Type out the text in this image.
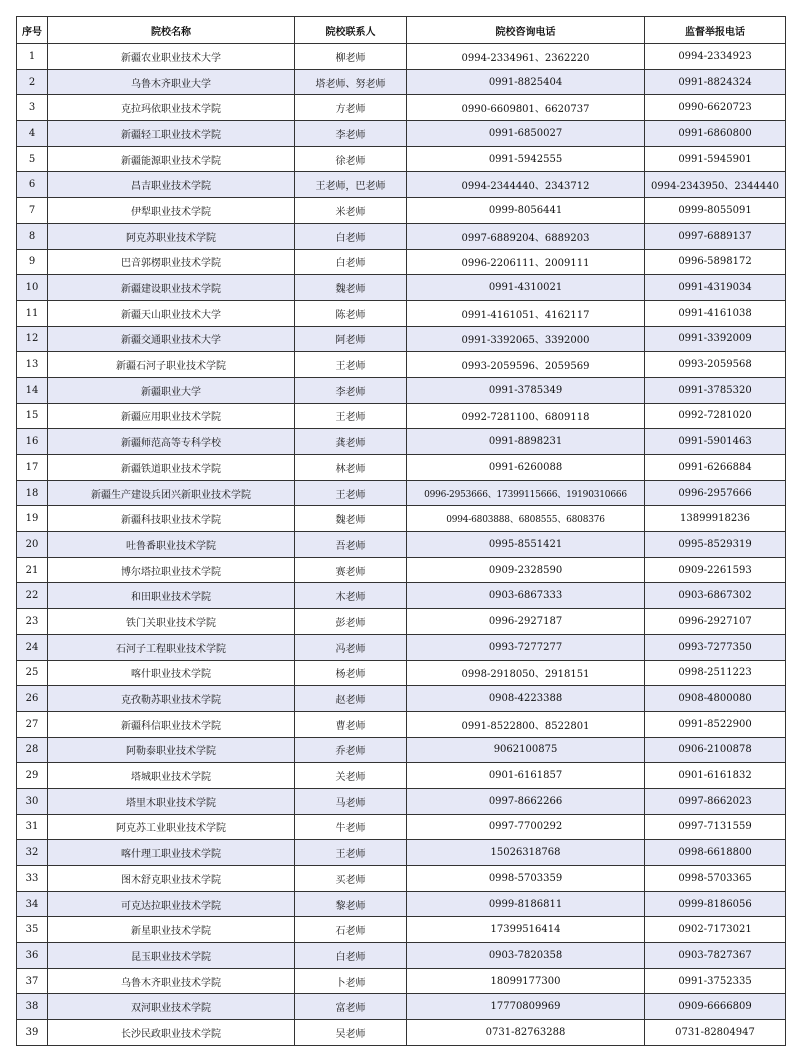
序号	院校名称	院校联系人	院校咨询电话	监督举报电话
1	新疆农业职业技术大学	柳老师	0994-2334961、2362220	0994-2334923
2	乌鲁木齐职业大学	塔老师、努老师	0991-8825404	0991-8824324
3	克拉玛依职业技术学院	方老师	0990-6609801、6620737	0990-6620723
4	新疆轻工职业技术学院	李老师	0991-6850027	0991-6860800
5	新疆能源职业技术学院	徐老师	0991-5942555	0991-5945901
6	昌吉职业技术学院	王老师，巴老师	0994-2344440、2343712	0994-2343950、2344440
7	伊犁职业技术学院	米老师	0999-8056441	0999-8055091
8	阿克苏职业技术学院	白老师	0997-6889204、6889203	0997-6889137
9	巴音郭楞职业技术学院	白老师	0996-2206111、2009111	0996-5898172
10	新疆建设职业技术学院	魏老师	0991-4310021	0991-4319034
11	新疆天山职业技术大学	陈老师	0991-4161051、4162117	0991-4161038
12	新疆交通职业技术大学	阿老师	0991-3392065、3392000	0991-3392009
13	新疆石河子职业技术学院	王老师	0993-2059596、2059569	0993-2059568
14	新疆职业大学	李老师	0991-3785349	0991-3785320
15	新疆应用职业技术学院	王老师	0992-7281100、6809118	0992-7281020
16	新疆师范高等专科学校	龚老师	0991-8898231	0991-5901463
17	新疆铁道职业技术学院	林老师	0991-6260088	0991-6266884
18	新疆生产建设兵团兴新职业技术学院	王老师	0996-2953666、17399115666、19190310666	0996-2957666
19	新疆科技职业技术学院	魏老师	0994-6803888、6808555、6808376	13899918236
20	吐鲁番职业技术学院	吾老师	0995-8551421	0995-8529319
21	博尔塔拉职业技术学院	赛老师	0909-2328590	0909-2261593
22	和田职业技术学院	木老师	0903-6867333	0903-6867302
23	铁门关职业技术学院	彭老师	0996-2927187	0996-2927107
24	石河子工程职业技术学院	冯老师	0993-7277277	0993-7277350
25	喀什职业技术学院	杨老师	0998-2918050、2918151	0998-2511223
26	克孜勒苏职业技术学院	赵老师	0908-4223388	0908-4800080
27	新疆科信职业技术学院	曹老师	0991-8522800、8522801	0991-8522900
28	阿勒泰职业技术学院	乔老师	9062100875	0906-2100878
29	塔城职业技术学院	关老师	0901-6161857	0901-6161832
30	塔里木职业技术学院	马老师	0997-8662266	0997-8662023
31	阿克苏工业职业技术学院	牛老师	0997-7700292	0997-7131559
32	喀什理工职业技术学院	王老师	15026318768	0998-6618800
33	图木舒克职业技术学院	买老师	0998-5703359	0998-5703365
34	可克达拉职业技术学院	黎老师	0999-8186811	0999-8186056
35	新星职业技术学院	石老师	17399516414	0902-7173021
36	昆玉职业技术学院	白老师	0903-7820358	0903-7827367
37	乌鲁木齐职业技术学院	卜老师	18099177300	0991-3752335
38	双河职业技术学院	富老师	17770809969	0909-6666809
39	长沙民政职业技术学院	吴老师	0731-82763288	0731-82804947
